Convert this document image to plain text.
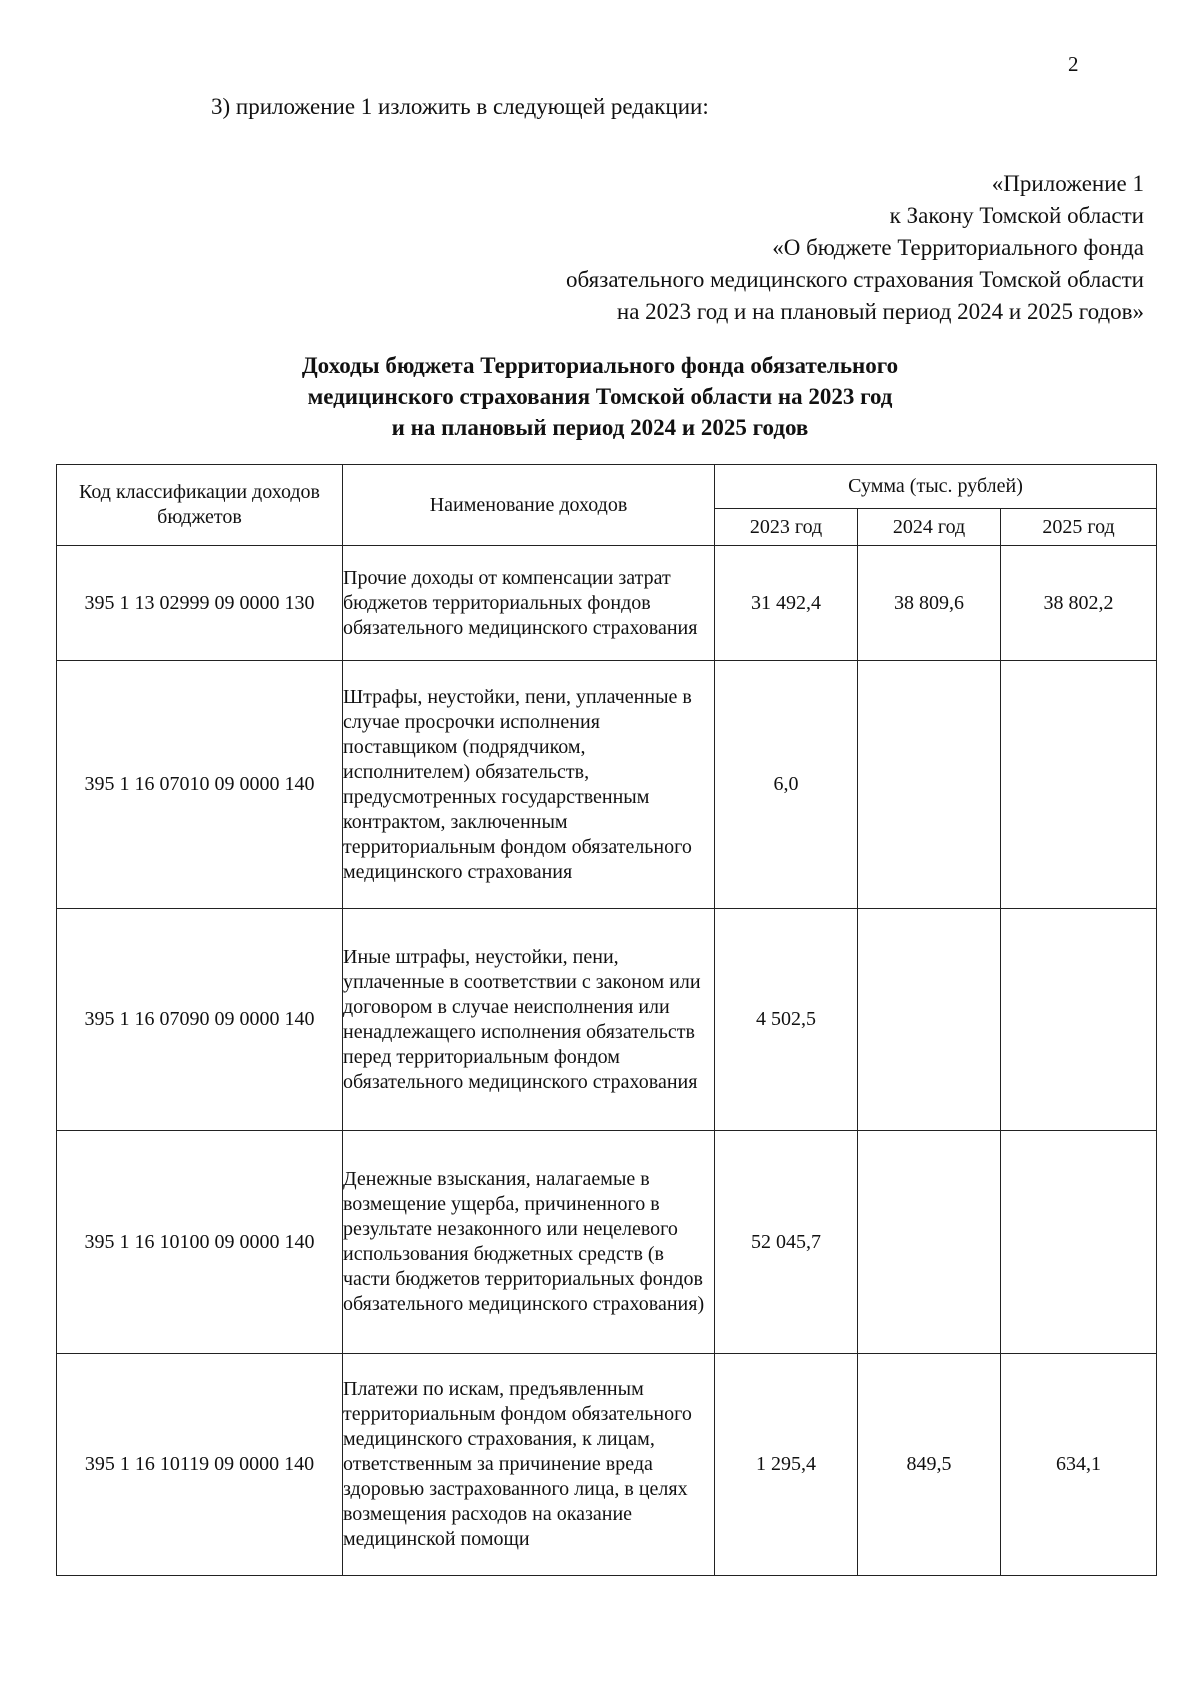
2
3) приложение 1 изложить в следующей редакции:
«Приложение 1
к Закону Томской области
«О бюджете Территориального фонда
обязательного медицинского страхования Томской области
на 2023 год и на плановый период 2024 и 2025 годов»
Доходы бюджета Территориального фонда обязательного
медицинского страхования Томской области на 2023 год
и на плановый период 2024 и 2025 годов
Код классификации доходов бюджетов	Наименование доходов	Сумма (тыс. рублей)		
		2023 год	2024 год	2025 год
395 1 13 02999 09 0000 130	Прочие доходы от компенсации затрат бюджетов территориальных фондов обязательного медицинского страхования	31 492,4	38 809,6	38 802,2
395 1 16 07010 09 0000 140	Штрафы, неустойки, пени, уплаченные в случае просрочки исполнения поставщиком (подрядчиком, исполнителем) обязательств, предусмотренных государственным контрактом, заключенным территориальным фондом обязательного медицинского страхования	6,0		
395 1 16 07090 09 0000 140	Иные штрафы, неустойки, пени, уплаченные в соответствии с законом или договором в случае неисполнения или ненадлежащего исполнения обязательств перед территориальным фондом обязательного медицинского страхования	4 502,5		
395 1 16 10100 09 0000 140	Денежные взыскания, налагаемые в возмещение ущерба, причиненного в результате незаконного или нецелевого использования бюджетных средств (в части бюджетов территориальных фондов обязательного медицинского страхования)	52 045,7		
395 1 16 10119 09 0000 140	Платежи по искам, предъявленным территориальным фондом обязательного медицинского страхования, к лицам, ответственным за причинение вреда здоровью застрахованного лица, в целях возмещения расходов на оказание медицинской помощи	1 295,4	849,5	634,1
